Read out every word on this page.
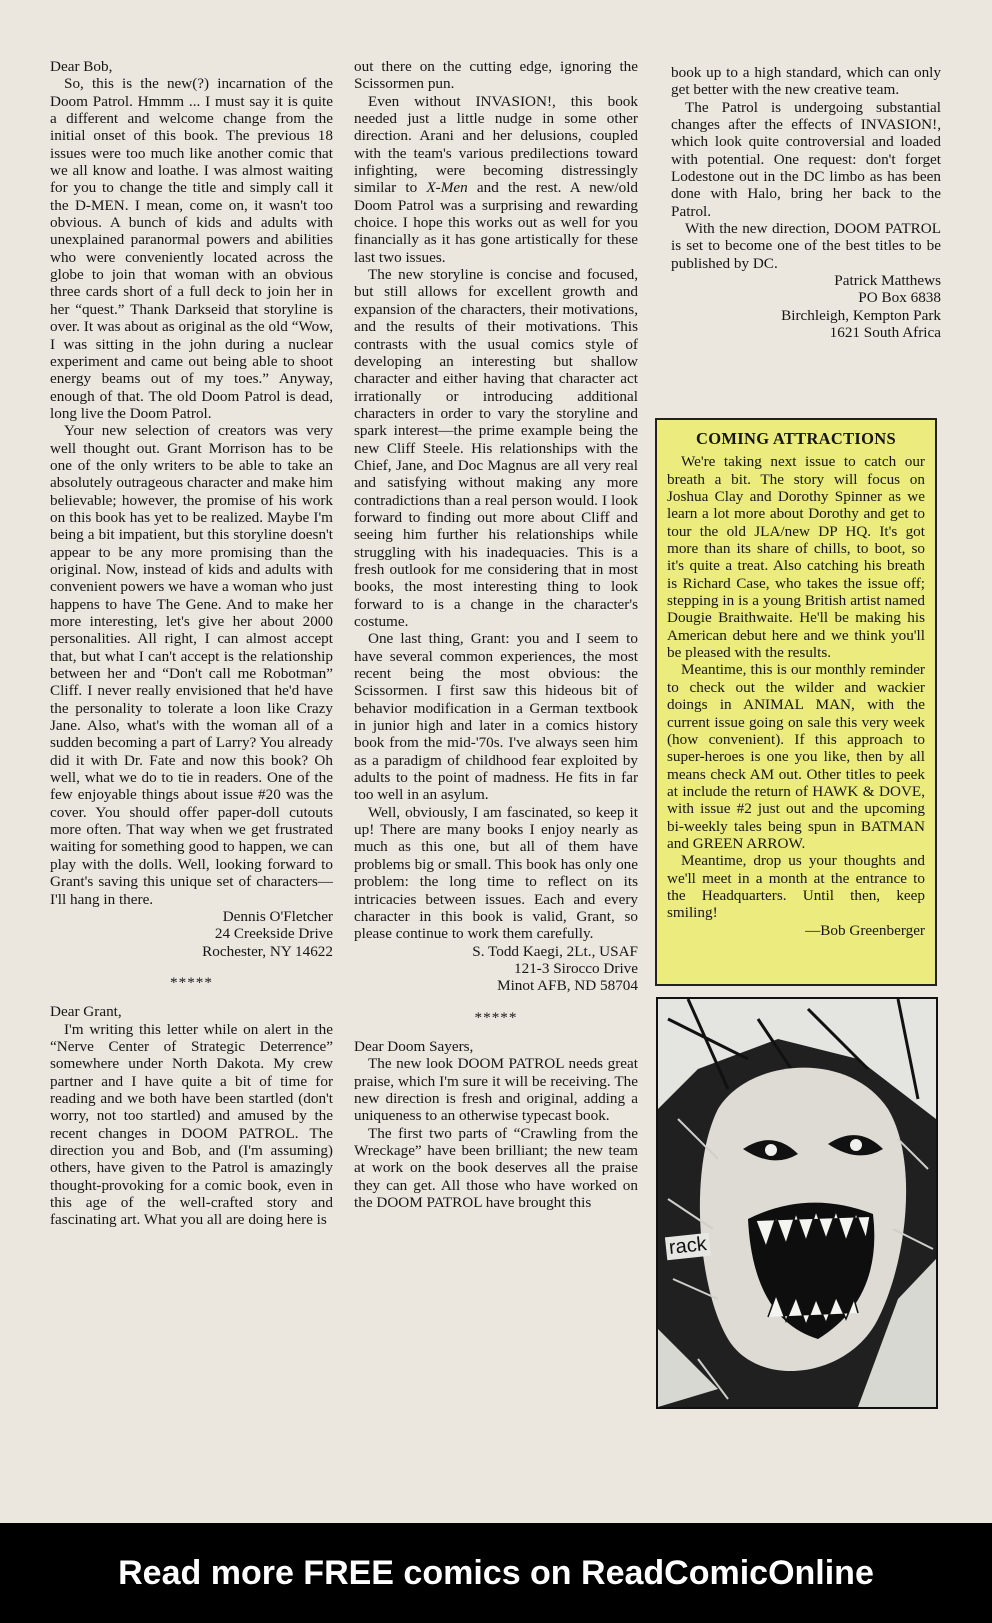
Dear Bob,

So, this is the new(?) incarnation of the Doom Patrol. Hmmm ... I must say it is quite a different and welcome change from the initial onset of this book. The previous 18 issues were too much like another comic that we all know and loathe. I was almost waiting for you to change the title and simply call it the D-MEN. I mean, come on, it wasn't too obvious. A bunch of kids and adults with unexplained paranormal powers and abilities who were conveniently located across the globe to join that woman with an obvious three cards short of a full deck to join her in her “quest.” Thank Darkseid that storyline is over. It was about as original as the old “Wow, I was sitting in the john during a nuclear experiment and came out being able to shoot energy beams out of my toes.” Anyway, enough of that. The old Doom Patrol is dead, long live the Doom Patrol.

Your new selection of creators was very well thought out. Grant Morrison has to be one of the only writers to be able to take an absolutely outrageous character and make him believable; however, the promise of his work on this book has yet to be realized. Maybe I'm being a bit impatient, but this storyline doesn't appear to be any more promising than the original. Now, instead of kids and adults with convenient powers we have a woman who just happens to have The Gene. And to make her more interesting, let's give her about 2000 personalities. All right, I can almost accept that, but what I can't accept is the relationship between her and “Don't call me Robotman” Cliff. I never really envisioned that he'd have the personality to tolerate a loon like Crazy Jane. Also, what's with the woman all of a sudden becoming a part of Larry? You already did it with Dr. Fate and now this book? Oh well, what we do to tie in readers. One of the few enjoyable things about issue #20 was the cover. You should offer paper-doll cutouts more often. That way when we get frustrated waiting for something good to happen, we can play with the dolls. Well, looking forward to Grant's saving this unique set of characters—I'll hang in there.

Dennis O'Fletcher

24 Creekside Drive

Rochester, NY 14622

*****

Dear Grant,

I'm writing this letter while on alert in the “Nerve Center of Strategic Deterrence” somewhere under North Dakota. My crew partner and I have quite a bit of time for reading and we both have been startled (don't worry, not too startled) and amused by the recent changes in DOOM PATROL. The direction you and Bob, and (I'm assuming) others, have given to the Patrol is amazingly thought-provoking for a comic book, even in this age of the well-crafted story and fascinating art. What you all are doing here is

out there on the cutting edge, ignoring the Scissormen pun.

Even without INVASION!, this book needed just a little nudge in some other direction. Arani and her delusions, coupled with the team's various predilections toward infighting, were becoming distressingly similar to X-Men and the rest. A new/old Doom Patrol was a surprising and rewarding choice. I hope this works out as well for you financially as it has gone artistically for these last two issues.

The new storyline is concise and focused, but still allows for excellent growth and expansion of the characters, their motivations, and the results of their motivations. This contrasts with the usual comics style of developing an interesting but shallow character and either having that character act irrationally or introducing additional characters in order to vary the storyline and spark interest—the prime example being the new Cliff Steele. His relationships with the Chief, Jane, and Doc Magnus are all very real and satisfying without making any more contradictions than a real person would. I look forward to finding out more about Cliff and seeing him further his relationships while struggling with his inadequacies. This is a fresh outlook for me considering that in most books, the most interesting thing to look forward to is a change in the character's costume.

One last thing, Grant: you and I seem to have several common experiences, the most recent being the most obvious: the Scissormen. I first saw this hideous bit of behavior modification in a German textbook in junior high and later in a comics history book from the mid-'70s. I've always seen him as a paradigm of childhood fear exploited by adults to the point of madness. He fits in far too well in an asylum.

Well, obviously, I am fascinated, so keep it up! There are many books I enjoy nearly as much as this one, but all of them have problems big or small. This book has only one problem: the long time to reflect on its intricacies between issues. Each and every character in this book is valid, Grant, so please continue to work them carefully.

S. Todd Kaegi, 2Lt., USAF

121-3 Sirocco Drive

Minot AFB, ND 58704

*****

Dear Doom Sayers,

The new look DOOM PATROL needs great praise, which I'm sure it will be receiving. The new direction is fresh and original, adding a uniqueness to an otherwise typecast book.

The first two parts of “Crawling from the Wreckage” have been brilliant; the new team at work on the book deserves all the praise they can get. All those who have worked on the DOOM PATROL have brought this

book up to a high standard, which can only get better with the new creative team.

The Patrol is undergoing substantial changes after the effects of INVASION!, which look quite controversial and loaded with potential. One request: don't forget Lodestone out in the DC limbo as has been done with Halo, bring her back to the Patrol.

With the new direction, DOOM PATROL is set to become one of the best titles to be published by DC.

Patrick Matthews

PO Box 6838

Birchleigh, Kempton Park

1621 South Africa

COMING ATTRACTIONS

We're taking next issue to catch our breath a bit. The story will focus on Joshua Clay and Dorothy Spinner as we learn a lot more about Dorothy and get to tour the old JLA/new DP HQ. It's got more than its share of chills, to boot, so it's quite a treat. Also catching his breath is Richard Case, who takes the issue off; stepping in is a young British artist named Dougie Braithwaite. He'll be making his American debut here and we think you'll be pleased with the results.

Meantime, this is our monthly reminder to check out the wilder and wackier doings in ANIMAL MAN, with the current issue going on sale this very week (how convenient). If this approach to super-heroes is one you like, then by all means check AM out. Other titles to peek at include the return of HAWK & DOVE, with issue #2 just out and the upcoming bi-weekly tales being spun in BATMAN and GREEN ARROW.

Meantime, drop us your thoughts and we'll meet in a month at the entrance to the Headquarters. Until then, keep smiling!

—Bob Greenberger

rack
Read more FREE comics on ReadComicOnline
